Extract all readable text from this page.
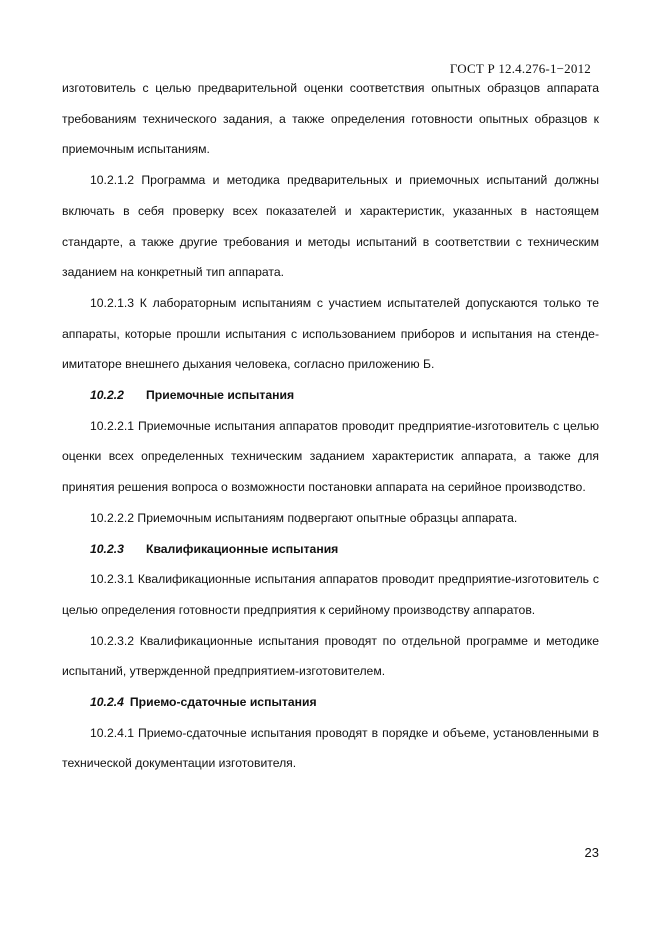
ГОСТ Р 12.4.276-1−2012

изготовитель с целью предварительной оценки соответствия опытных образцов аппарата требованиям технического задания, а также определения готовности опытных образцов к приемочным испытаниям.

10.2.1.2 Программа и методика предварительных и приемочных испытаний должны включать в себя проверку всех показателей и характеристик, указанных в настоящем стандарте, а также другие требования и методы испытаний в соответствии с техническим заданием на конкретный тип аппарата.

10.2.1.3 К лабораторным испытаниям с участием испытателей допускаются только те аппараты, которые прошли испытания с использованием приборов и испытания на стенде-имитаторе внешнего дыхания человека, согласно приложению Б.

10.2.2 Приемочные испытания

10.2.2.1 Приемочные испытания аппаратов проводит предприятие-изготовитель с целью оценки всех определенных техническим заданием характеристик аппарата, а также для принятия решения вопроса о возможности постановки аппарата на серийное производство.

10.2.2.2 Приемочным испытаниям подвергают опытные образцы аппарата.

10.2.3 Квалификационные испытания

10.2.3.1 Квалификационные испытания аппаратов проводит предприятие-изготовитель с целью определения готовности предприятия к серийному производству аппаратов.

10.2.3.2 Квалификационные испытания проводят по отдельной программе и методике испытаний, утвержденной предприятием-изготовителем.

10.2.4 Приемо-сдаточные испытания

10.2.4.1 Приемо-сдаточные испытания проводят в порядке и объеме, установленными в технической документации изготовителя.

23
